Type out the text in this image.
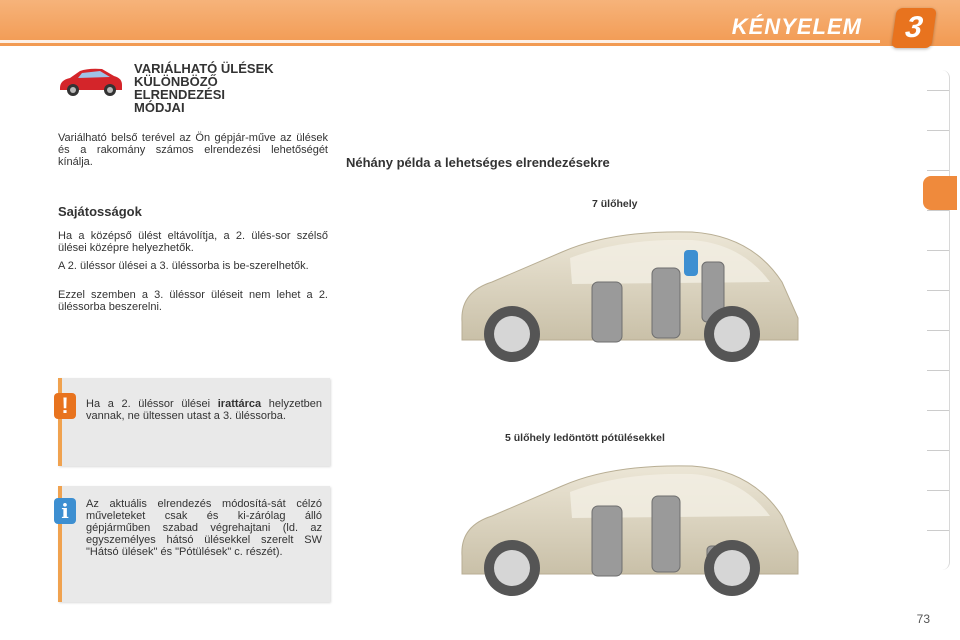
KÉNYELEM	3
VARIÁLHATÓ ÜLÉSEK
KÜLÖNBÖZŐ
ELRENDEZÉSI
MÓDJAI
Variálható belső terével az Ön gépjár-műve az ülések és a rakomány számos elrendezési lehetőségét kínálja.
Sajátosságok
Ha a középső ülést eltávolítja, a 2. ülés-sor szélső ülései középre helyezhetők.
A 2. üléssor ülései a 3. üléssorba is be-szerelhetők.
Ezzel szemben a 3. üléssor üléseit nem lehet a 2. üléssorba beszerelni.
Ha a 2. üléssor ülései irattárca helyzetben vannak, ne ültessen utast a 3. üléssorba.
!
Az aktuális elrendezés módosítá-sát célzó műveleteket csak és ki-zárólag álló gépjárműben szabad végrehajtani (ld. az egyszemélyes hátsó ülésekkel szerelt SW "Hátsó ülések" és "Pótülések" c. részét).
i
Néhány példa a lehetséges elrendezésekre
7 ülőhely
5 ülőhely ledöntött pótülésekkel
73
